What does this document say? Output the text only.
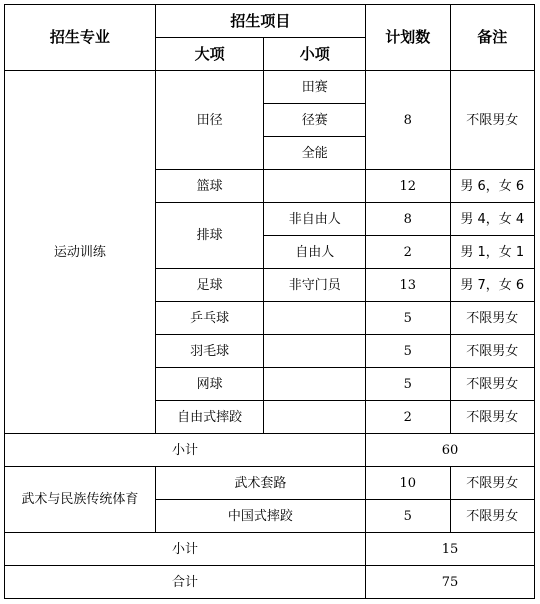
招生专业	招生项目		计划数	备注
	大项	小项		
运动训练	田径	田赛	8	不限男女
		径赛		
		全能		
	篮球		12	男 6，女 6
	排球	非自由人	8	男 4，女 4
		自由人	2	男 1，女 1
	足球	非守门员	13	男 7，女 6
	乒乓球		5	不限男女
	羽毛球		5	不限男女
	网球		5	不限男女
	自由式摔跤		2	不限男女
小计			60	
武术与民族传统体育	武术套路		10	不限男女
	中国式摔跤		5	不限男女
小计			15	
合计			75	
